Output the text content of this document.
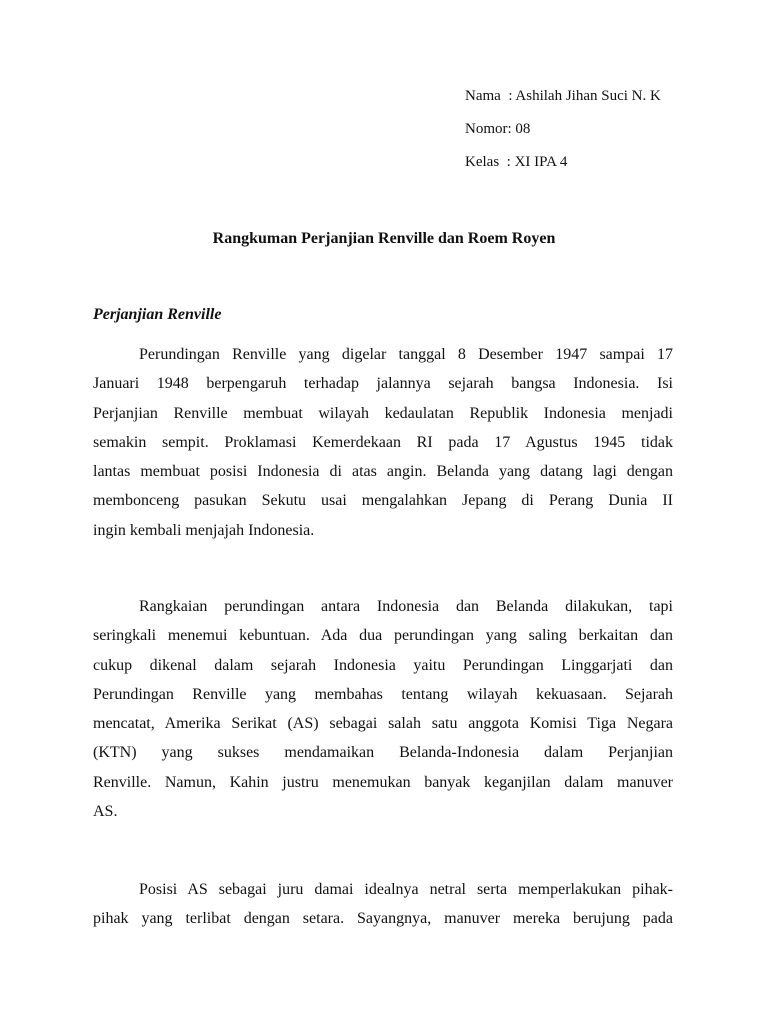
Nama  : Ashilah Jihan Suci N. K
Nomor: 08
Kelas  : XI IPA 4
Rangkuman Perjanjian Renville dan Roem Royen
Perjanjian Renville
Perundingan Renville yang digelar tanggal 8 Desember 1947 sampai 17
Januari 1948 berpengaruh terhadap jalannya sejarah bangsa Indonesia. Isi
Perjanjian Renville membuat wilayah kedaulatan Republik Indonesia menjadi
semakin sempit. Proklamasi Kemerdekaan RI pada 17 Agustus 1945 tidak
lantas membuat posisi Indonesia di atas angin. Belanda yang datang lagi dengan
membonceng pasukan Sekutu usai mengalahkan Jepang di Perang Dunia II
ingin kembali menjajah Indonesia.
Rangkaian perundingan antara Indonesia dan Belanda dilakukan, tapi
seringkali menemui kebuntuan. Ada dua perundingan yang saling berkaitan dan
cukup dikenal dalam sejarah Indonesia yaitu Perundingan Linggarjati dan
Perundingan Renville yang membahas tentang wilayah kekuasaan. Sejarah
mencatat, Amerika Serikat (AS) sebagai salah satu anggota Komisi Tiga Negara
(KTN) yang sukses mendamaikan Belanda-Indonesia dalam Perjanjian
Renville. Namun, Kahin justru menemukan banyak keganjilan dalam manuver
AS.
Posisi AS sebagai juru damai idealnya netral serta memperlakukan pihak-
pihak yang terlibat dengan setara. Sayangnya, manuver mereka berujung pada
